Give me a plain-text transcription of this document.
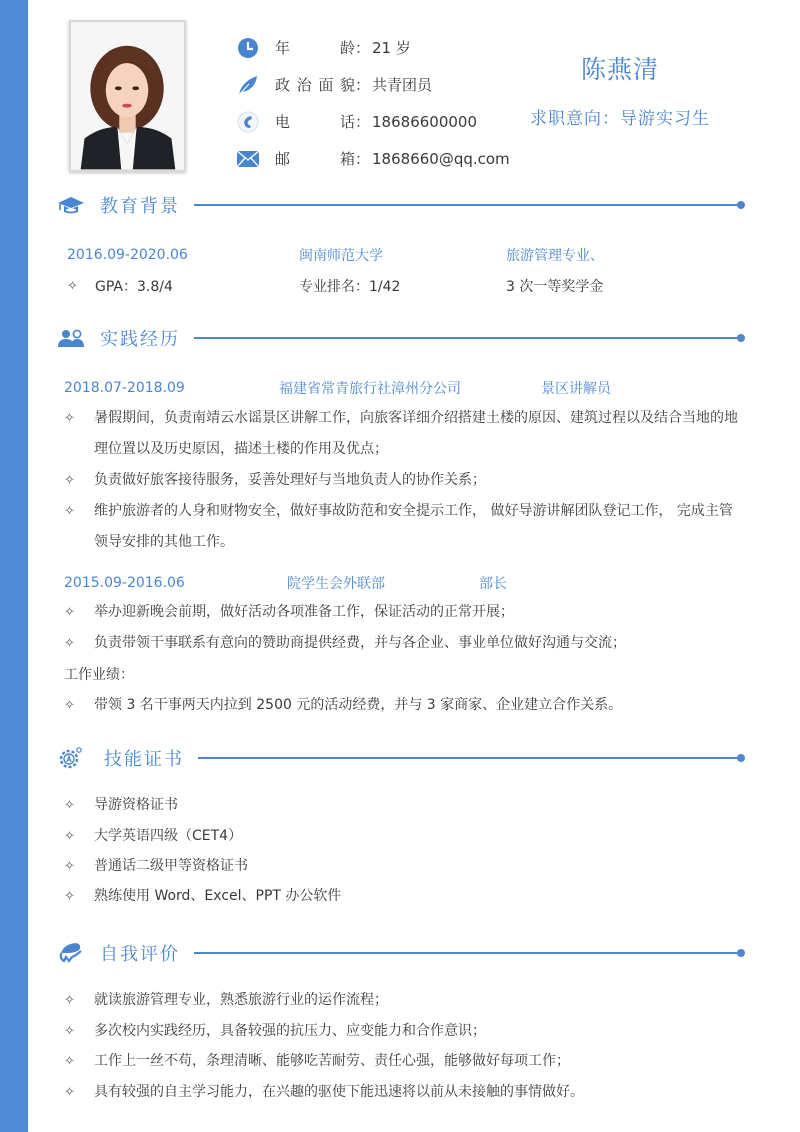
年龄 ： 21 岁
政治面貌 ： 共青团员
电话 ： 18686600000
邮箱 ： 1868660@qq.com
陈燕清
求职意向：导游实习生
教育背景
2016.09-2020.06	闽南师范大学	旅游管理专业、
✧	GPA：3.8/4	专业排名：1/42	3 次一等奖学金
实践经历
2018.07-2018.09	福建省常青旅行社漳州分公司	景区讲解员
✧	暑假期间，负责南靖云水谣景区讲解工作，向旅客详细介绍搭建土楼的原因、建筑过程以及结合当地的地理位置以及历史原因，描述土楼的作用及优点；
✧	负责做好旅客接待服务，妥善处理好与当地负责人的协作关系；
✧	维护旅游者的人身和财物安全，做好事故防范和安全提示工作， 做好导游讲解团队登记工作， 完成主管领导安排的其他工作。
2015.09-2016.06	院学生会外联部	部长
✧	举办迎新晚会前期，做好活动各项准备工作，保证活动的正常开展；
✧	负责带领干事联系有意向的赞助商提供经费，并与各企业、事业单位做好沟通与交流；
工作业绩：
✧	带领 3 名干事两天内拉到 2500 元的活动经费，并与 3 家商家、企业建立合作关系。
技能证书
✧	导游资格证书
✧	大学英语四级（CET4）
✧	普通话二级甲等资格证书
✧	熟练使用 Word、Excel、PPT 办公软件
自我评价
✧	就读旅游管理专业，熟悉旅游行业的运作流程；
✧	多次校内实践经历，具备较强的抗压力、应变能力和合作意识；
✧	工作上一丝不苟，条理清晰、能够吃苦耐劳、责任心强，能够做好每项工作；
✧	具有较强的自主学习能力，在兴趣的驱使下能迅速将以前从未接触的事情做好。
